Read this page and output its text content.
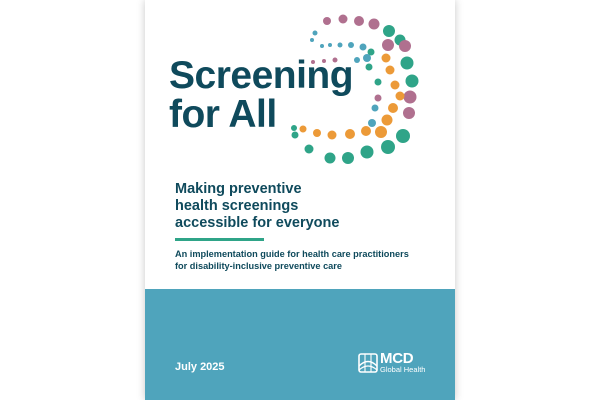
Screening
for All
Making preventive
health screenings
accessible for everyone

An implementation guide for health care practitioners
for disability-inclusive preventive care

July 2025	MCD
Global Health
